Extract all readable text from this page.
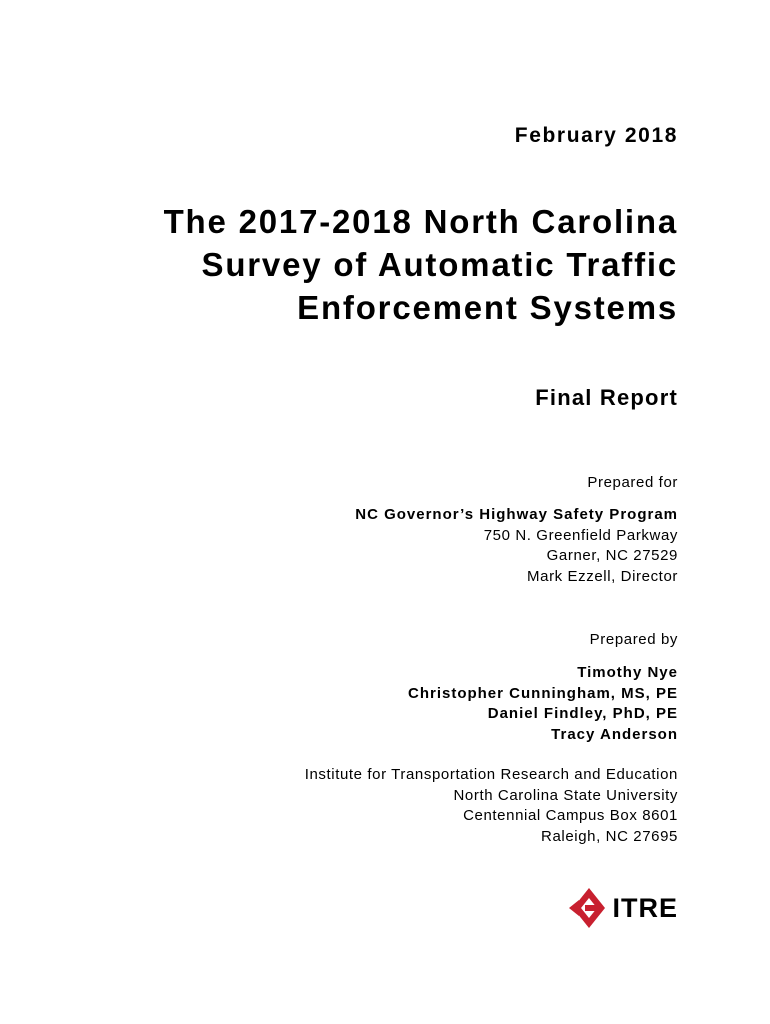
February 2018
The 2017-2018 North Carolina
Survey of Automatic Traffic
Enforcement Systems
Final Report
Prepared for
NC Governor’s Highway Safety Program
750 N. Greenfield Parkway
Garner, NC 27529
Mark Ezzell, Director
Prepared by
Timothy Nye
Christopher Cunningham, MS, PE
Daniel Findley, PhD, PE
Tracy Anderson
Institute for Transportation Research and Education
North Carolina State University
Centennial Campus Box 8601
Raleigh, NC 27695
ITRE
